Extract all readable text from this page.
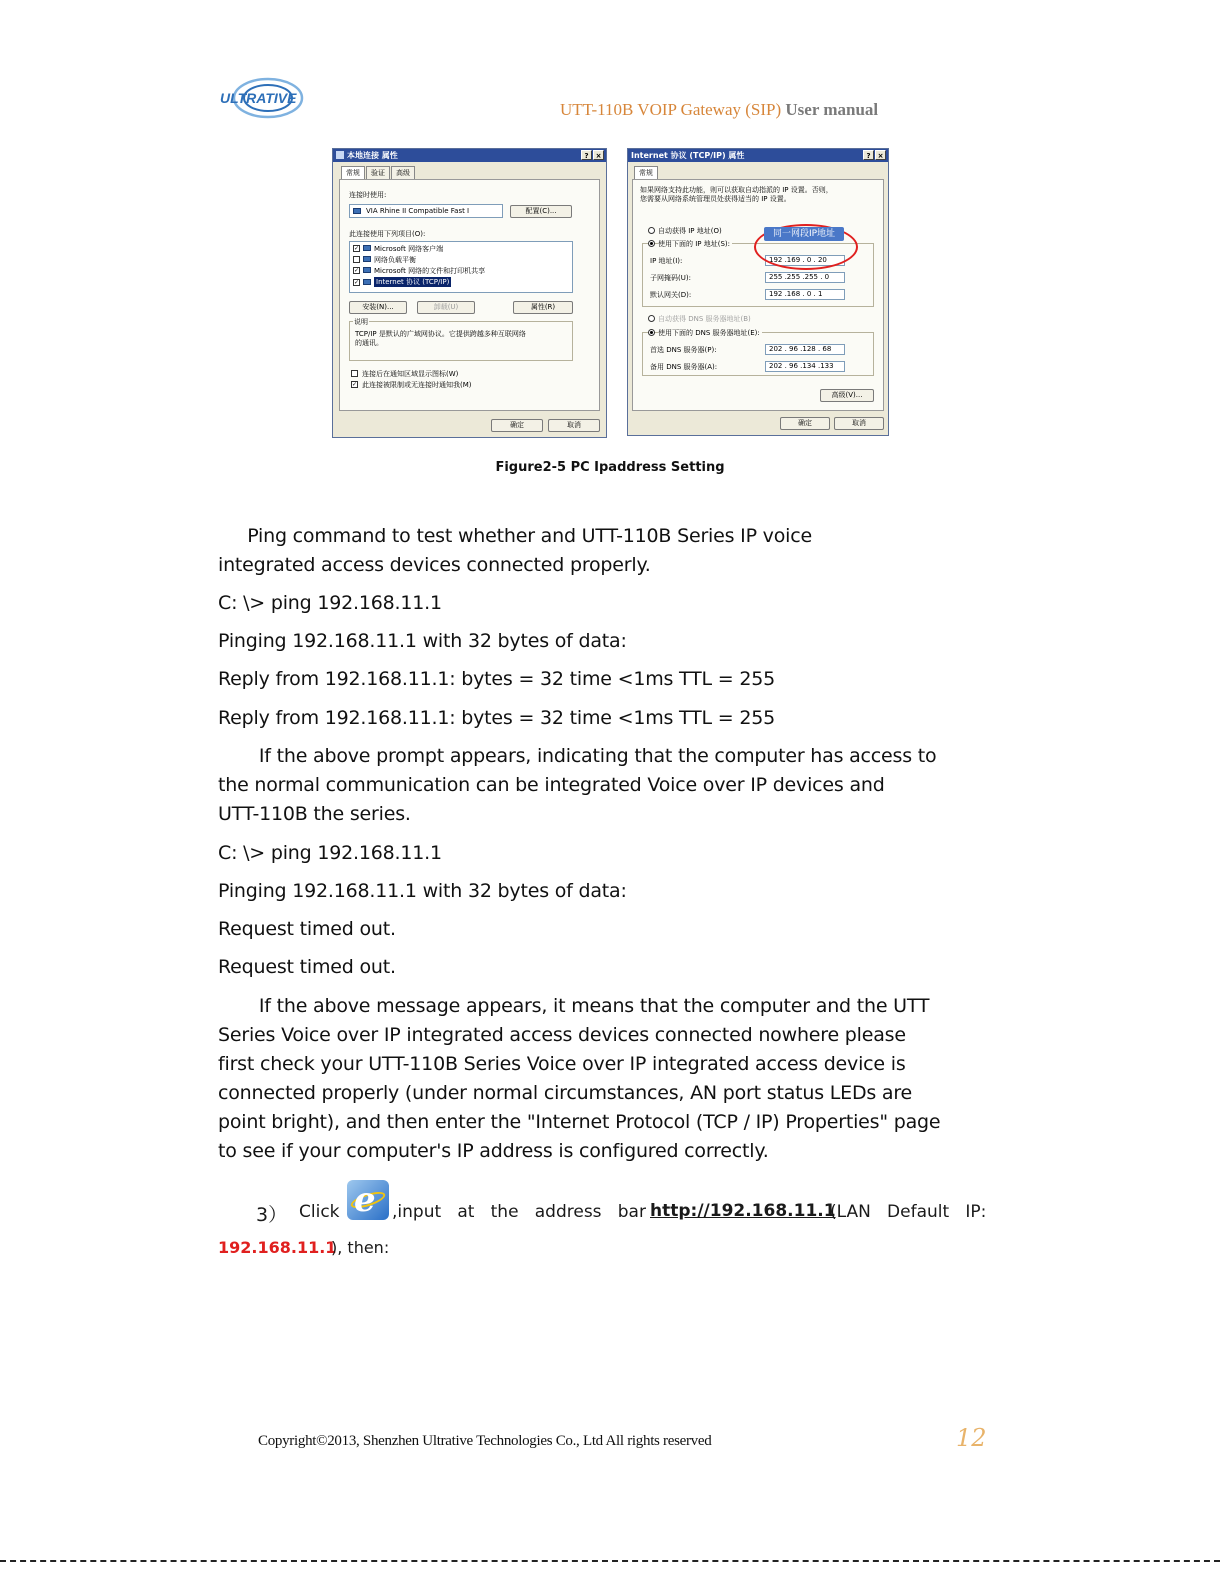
ULTRATIVE
UTT-110B VOIP Gateway (SIP) User manual
本地连接 属性	?	×
常规	验证	高级
连接时使用:
VIA Rhine II Compatible Fast I	配置(C)...
此连接使用下列项目(O):
✓ Microsoft 网络客户端
网络负载平衡
✓ Microsoft 网络的文件和打印机共享
✓ Internet 协议 (TCP/IP)
安装(N)...	卸载(U)	属性(R)
说明
TCP/IP 是默认的广域网协议。它提供跨越多种互联网络
的通讯。
连接后在通知区域显示图标(W)
✓ 此连接被限制或无连接时通知我(M)
确定	取消
Internet 协议 (TCP/IP) 属性	?	×
常规
如果网络支持此功能，则可以获取自动指派的 IP 设置。否则，
您需要从网络系统管理员处获得适当的 IP 设置。
自动获得 IP 地址(O)
使用下面的 IP 地址(S):
IP 地址(I):	192 .169 . 0 . 20
子网掩码(U):	255 .255 .255 . 0
默认网关(D):	192 .168 . 0 . 1
自动获得 DNS 服务器地址(B)
使用下面的 DNS 服务器地址(E):
首选 DNS 服务器(P):	202 . 96 .128 . 68
备用 DNS 服务器(A):	202 . 96 .134 .133
高级(V)...
确定	取消
同一网段IP地址
Figure2-5 PC Ipaddress Setting
Ping command to test whether and UTT-110B Series IP voice
integrated access devices connected properly.
C: \> ping 192.168.11.1
Pinging 192.168.11.1 with 32 bytes of data:
Reply from 192.168.11.1: bytes = 32 time <1ms TTL = 255
Reply from 192.168.11.1: bytes = 32 time <1ms TTL = 255
If the above prompt appears, indicating that the computer has access to
the normal communication can be integrated Voice over IP devices and
UTT-110B the series.
C: \> ping 192.168.11.1
Pinging 192.168.11.1 with 32 bytes of data:
Request timed out.
Request timed out.
If the above message appears, it means that the computer and the UTT
Series Voice over IP integrated access devices connected nowhere please
first check your UTT-110B Series Voice over IP integrated access device is
connected properly (under normal circumstances, AN port status LEDs are
point bright), and then enter the "Internet Protocol (TCP / IP) Properties" page
to see if your computer's IP address is configured correctly.
3） Click e ,input   at   the   address   bar http://192.168.11.1
(LAN   Default   IP:
192.168.11.1
), then:
Copyright©2013, Shenzhen Ultrative Technologies Co., Ltd All rights reserved	12
